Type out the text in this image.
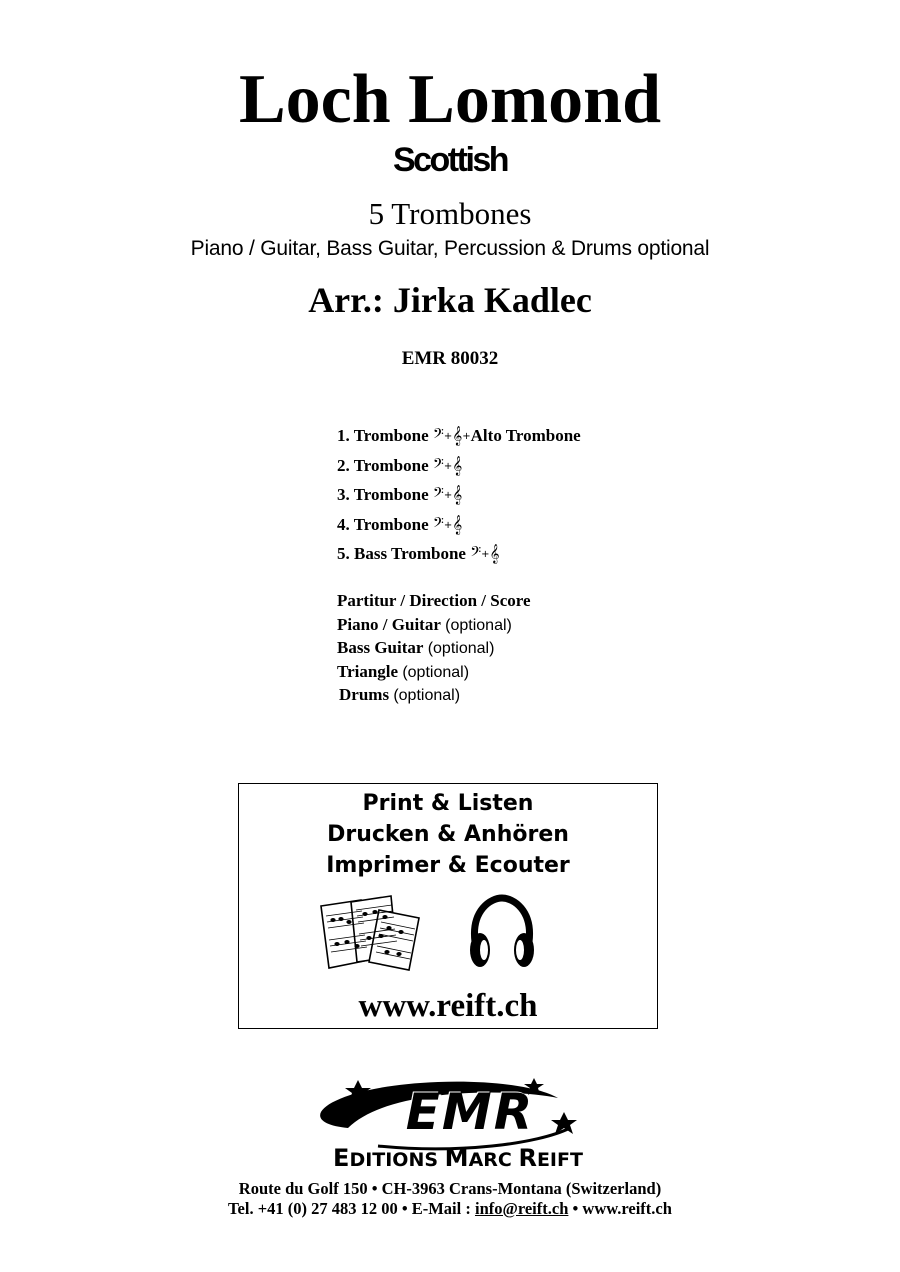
Loch Lomond
Scottish
5 Trombones
Piano / Guitar, Bass Guitar, Percussion & Drums optional
Arr.: Jirka Kadlec
EMR 80032
1. Trombone 𝄢+𝄞+Alto Trombone
2. Trombone 𝄢+𝄞
3. Trombone 𝄢+𝄞
4. Trombone 𝄢+𝄞
5. Bass Trombone 𝄢+𝄞
Partitur / Direction / Score
Piano / Guitar (optional)
Bass Guitar (optional)
Triangle (optional)
Drums (optional)
Print & Listen
Drucken & Anhören
Imprimer & Ecouter
www.reift.ch
EMR
EDITIONS MARC REIFT
Route du Golf 150 • CH-3963 Crans-Montana (Switzerland)
Tel. +41 (0) 27 483 12 00 • E-Mail : info@reift.ch • www.reift.ch
